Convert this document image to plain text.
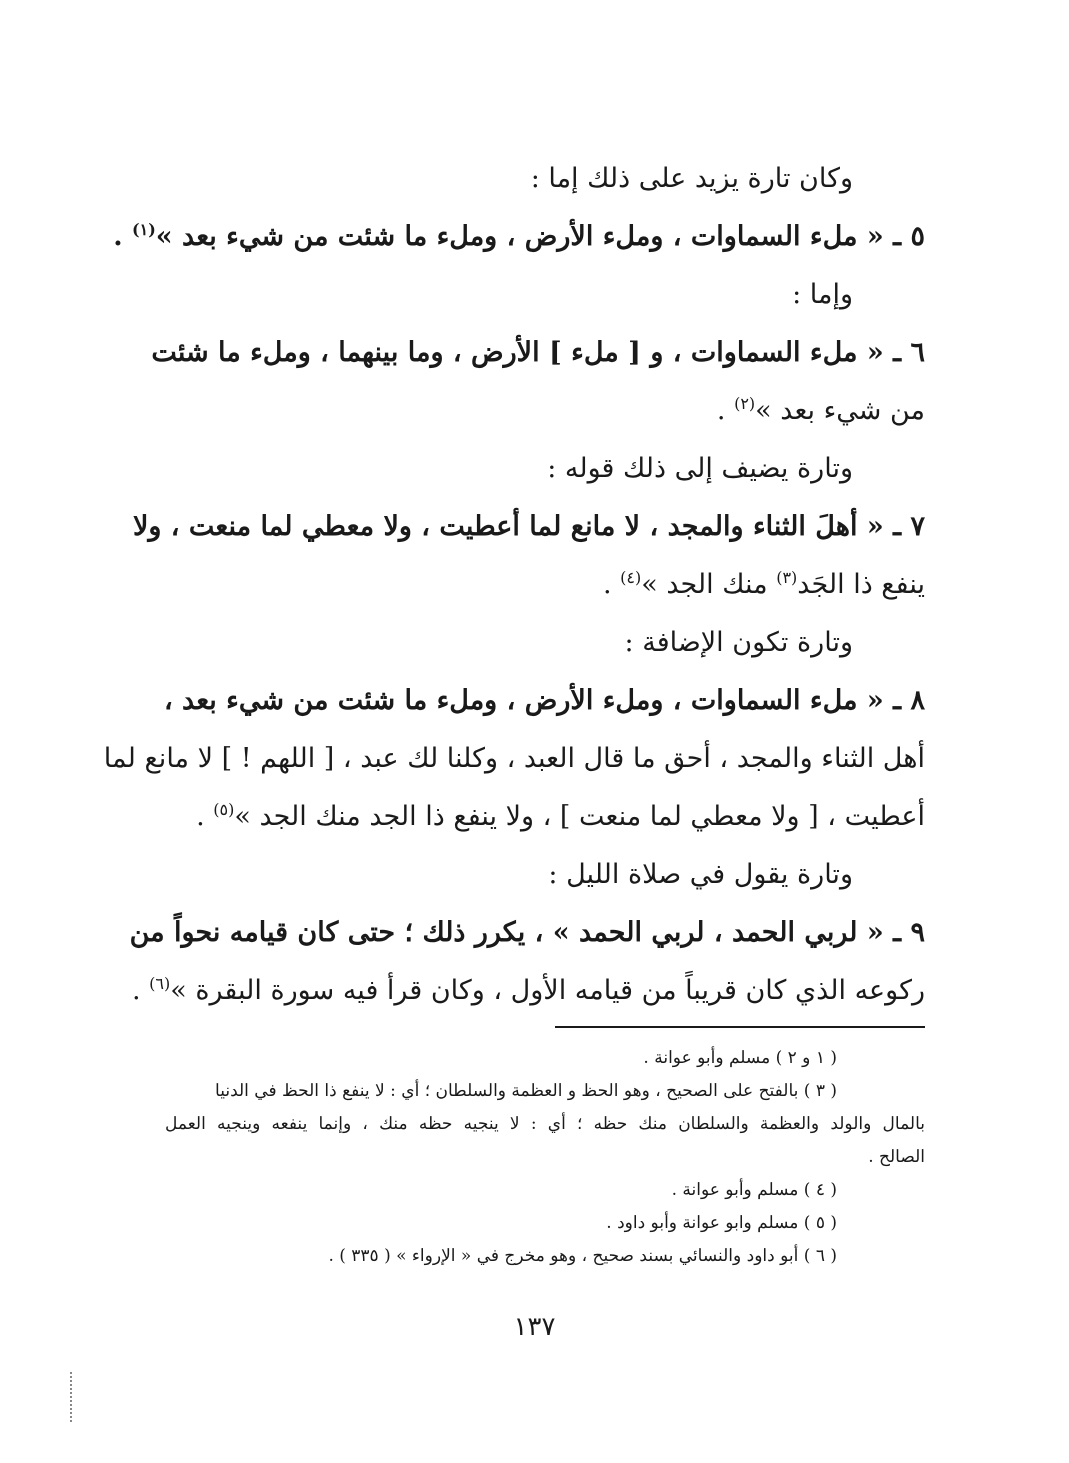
وكان تارة يزيد على ذلك إما :
٥ ـ « ملء السماوات ، وملء الأرض ، وملء ما شئت من شيء بعد »$^{(١)}$ .
وإما :
٦ ـ « ملء السماوات ، و [ ملء ] الأرض ، وما بينهما ، وملء ما شئت
من شيء بعد »$^{(٢)}$ .
وتارة يضيف إلى ذلك قوله :
٧ ـ « أهلَ الثناء والمجد ، لا مانع لما أعطيت ، ولا معطي لما منعت ، ولا
ينفع ذا الجَد$^{(٣)}$ منك الجد »$^{(٤)}$ .
وتارة تكون الإضافة :
٨ ـ « ملء السماوات ، وملء الأرض ، وملء ما شئت من شيء بعد ،
أهل الثناء والمجد ، أحق ما قال العبد ، وكلنا لك عبد ، [ اللهم ! ] لا مانع لما
أعطيت ، [ ولا معطي لما منعت ] ، ولا ينفع ذا الجد منك الجد »$^{(٥)}$ .
وتارة يقول في صلاة الليل :
٩ ـ « لربي الحمد ، لربي الحمد » ، يكرر ذلك ؛ حتى كان قيامه نحواً من
ركوعه الذي كان قريباً من قيامه الأول ، وكان قرأ فيه سورة البقرة »$^{(٦)}$ .
( ١ و ٢ ) مسلم وأبو عوانة .
( ٣ ) بالفتح على الصحيح ، وهو الحظ و العظمة والسلطان ؛ أي : لا ينفع ذا الحظ في الدنيا
بالمال والولد والعظمة والسلطان منك حظه ؛ أي : لا ينجيه حظه منك ، وإنما ينفعه وينجيه العمل
الصالح .
( ٤ ) مسلم وأبو عوانة .
( ٥ ) مسلم وابو عوانة وأبو داود .
( ٦ ) أبو داود والنسائي بسند صحيح ، وهو مخرج في « الإرواء » ( ٣٣٥ ) .
١٣٧
